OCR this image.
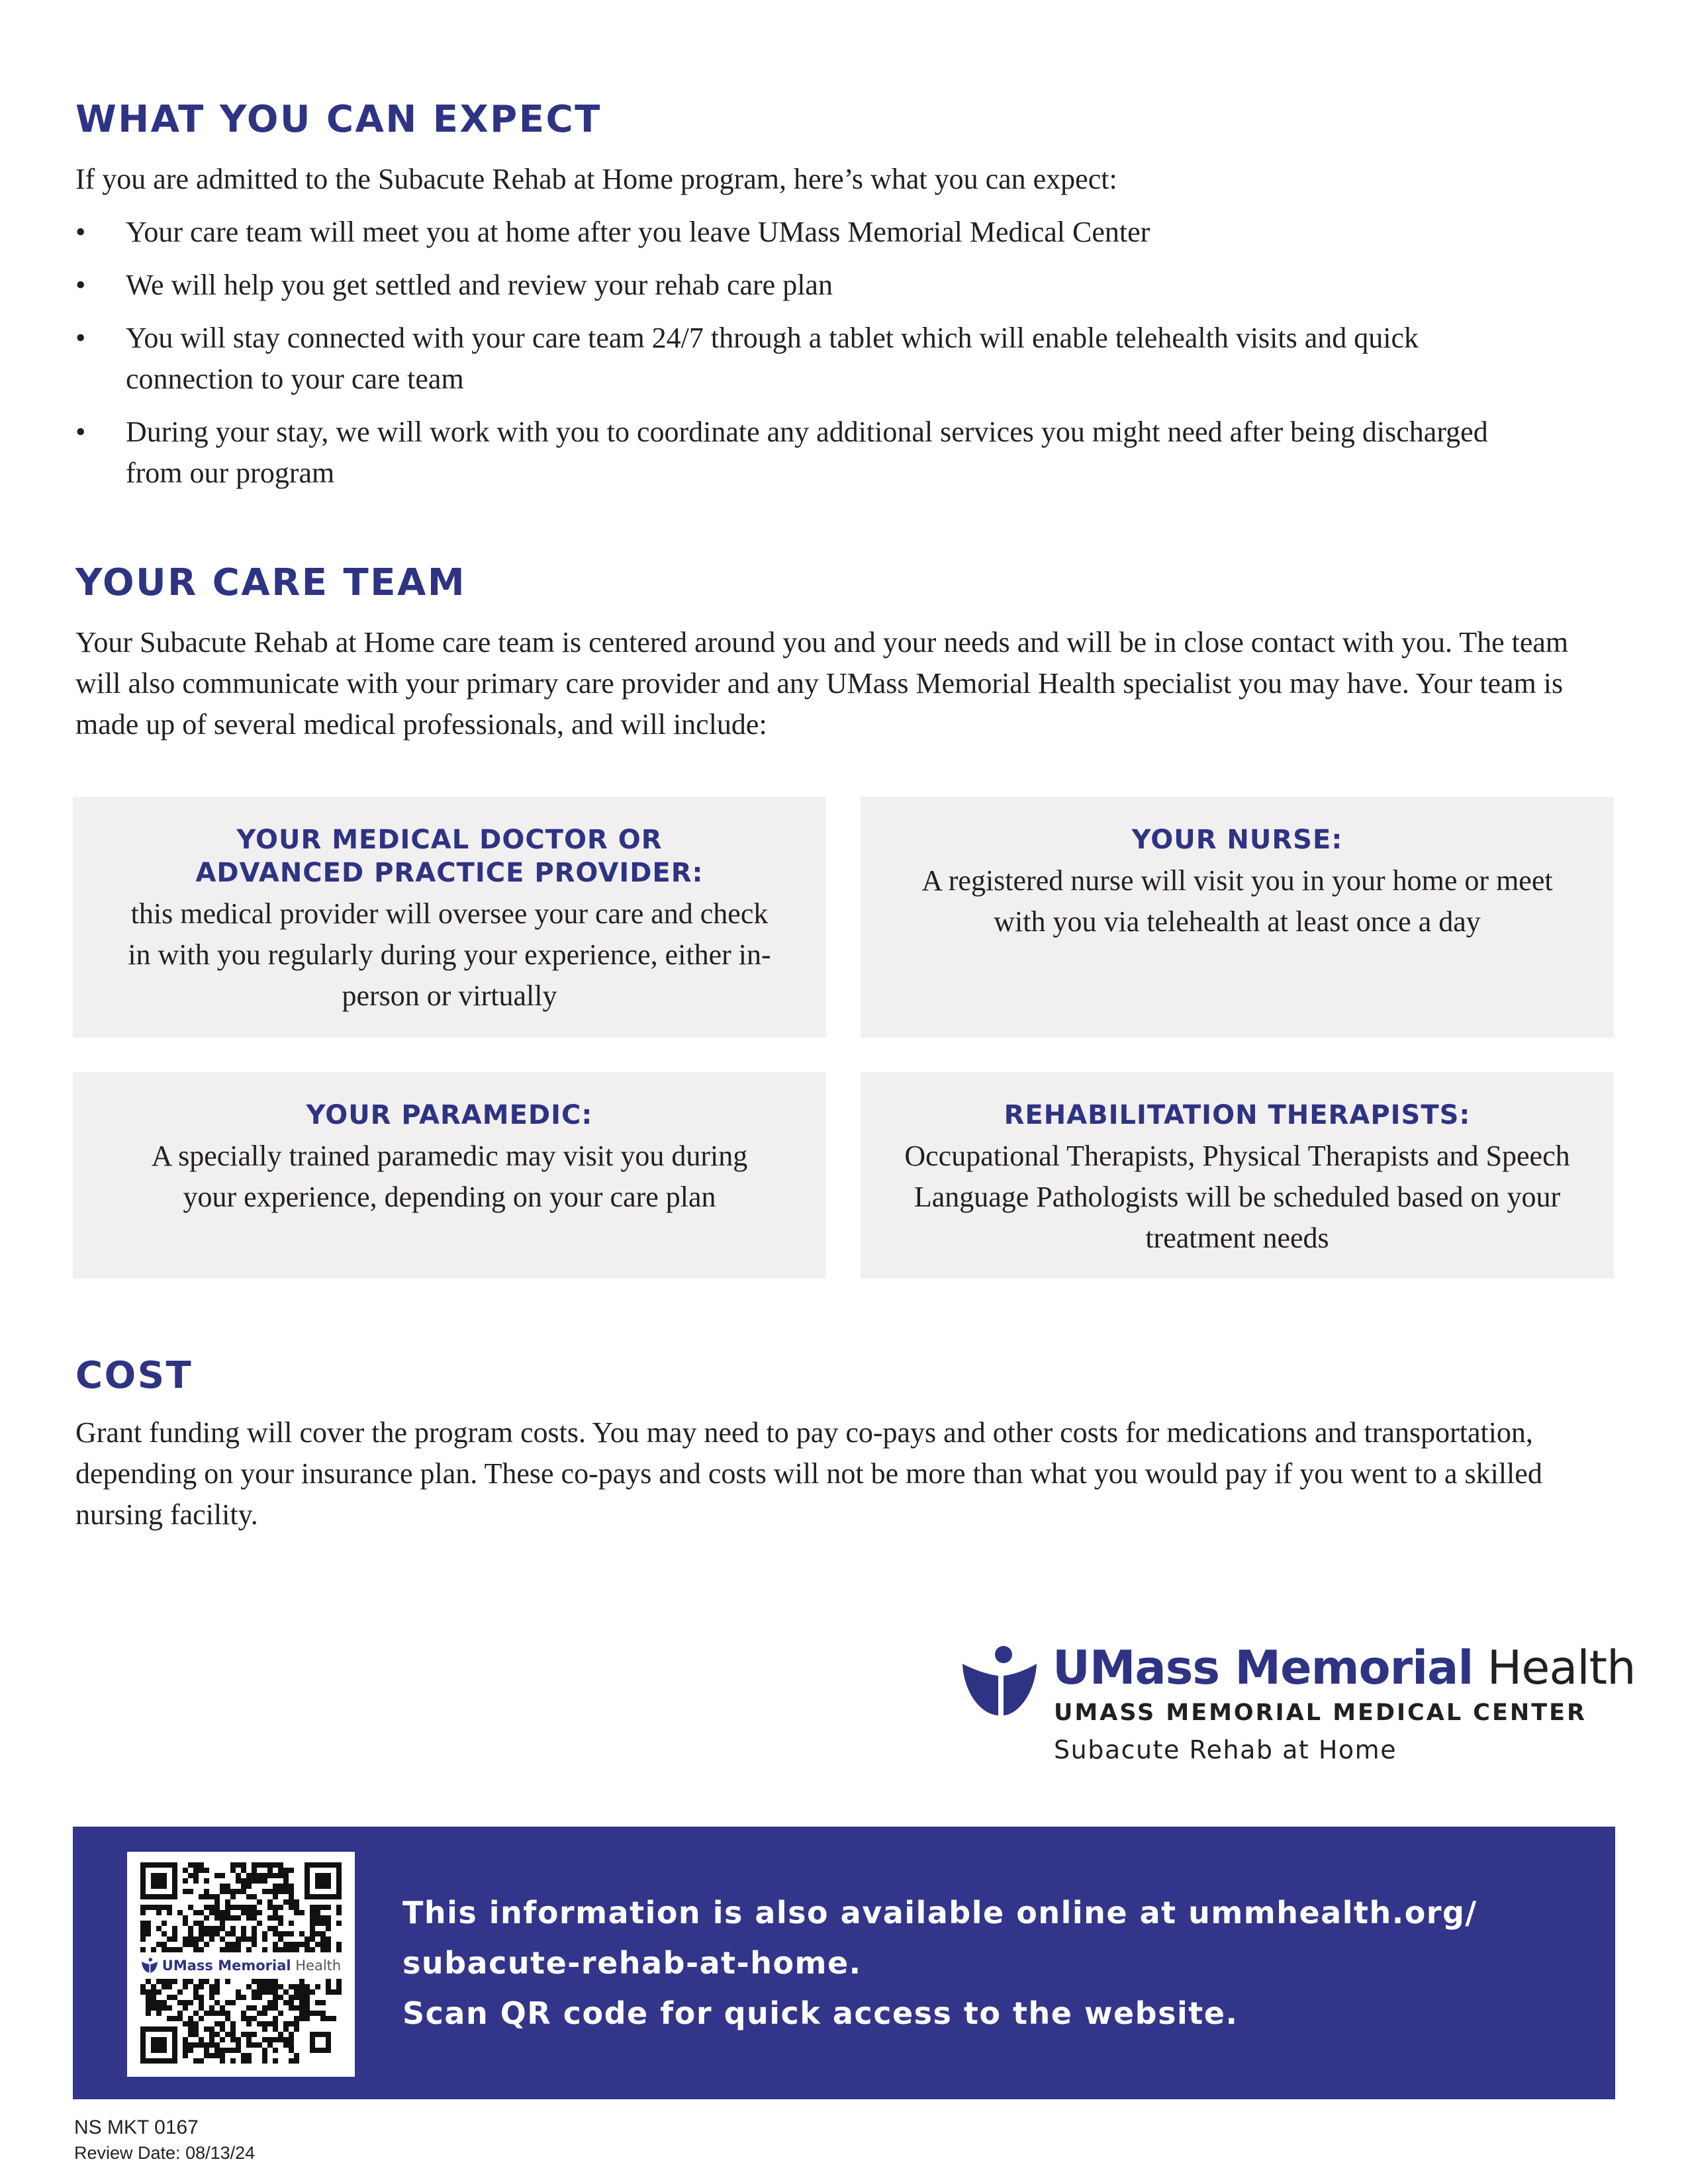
WHAT YOU CAN EXPECT

If you are admitted to the Subacute Rehab at Home program, here’s what you can expect:

• Your care team will meet you at home after you leave UMass Memorial Medical Center
• We will help you get settled and review your rehab care plan
• You will stay connected with your care team 24/7 through a tablet which will enable telehealth visits and quick connection to your care team
• During your stay, we will work with you to coordinate any additional services you might need after being discharged from our program
YOUR CARE TEAM

Your Subacute Rehab at Home care team is centered around you and your needs and will be in close contact with you. The team will also communicate with your primary care provider and any UMass Memorial Health specialist you may have. Your team is made up of several medical professionals, and will include:

YOUR MEDICAL DOCTOR OR
ADVANCED PRACTICE PROVIDER:

this medical provider will oversee your care and check in with you regularly during your experience, either in-person or virtually

YOUR NURSE:

A registered nurse will visit you in your home or meet with you via telehealth at least once a day

YOUR PARAMEDIC:

A specially trained paramedic may visit you during your experience, depending on your care plan

REHABILITATION THERAPISTS:

Occupational Therapists, Physical Therapists and Speech Language Pathologists will be scheduled based on your treatment needs

COST

Grant funding will cover the program costs. You may need to pay co-pays and other costs for medications and transportation, depending on your insurance plan. These co-pays and costs will not be more than what you would pay if you went to a skilled nursing facility.

UMass Memorial Health
UMASS MEMORIAL MEDICAL CENTER
Subacute Rehab at Home
UMass Memorial Health
This information is also available online at ummhealth.org/
subacute-rehab-at-home.
Scan QR code for quick access to the website.
NS MKT 0167
Review Date: 08/13/24
